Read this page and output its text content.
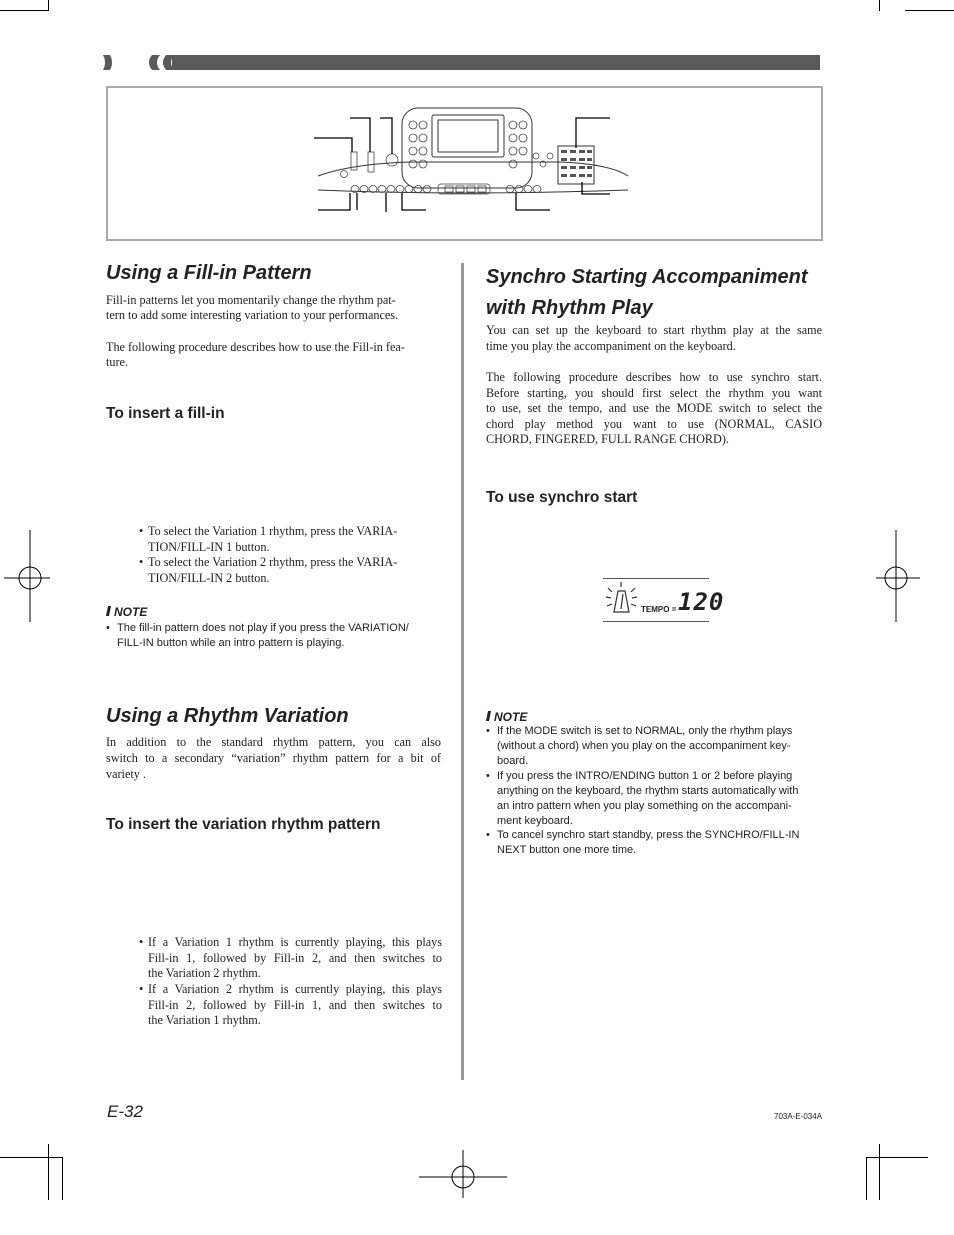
Using a Fill-in Pattern
Fill-in patterns let you momentarily change the rhythm pat-
tern to add some interesting variation to your performances.
The following procedure describes how to use the Fill-in fea-
ture.
To insert a fill-in
• To select the Variation 1 rhythm, press the VARIA-
TION/FILL-IN 1 button.
• To select the Variation 2 rhythm, press the VARIA-
TION/FILL-IN 2 button.
NOTE
• The fill-in pattern does not play if you press the VARIATION/
FILL-IN button while an intro pattern is playing.
Using a Rhythm Variation
In addition to the standard rhythm pattern, you can also
switch to a secondary “variation” rhythm pattern for a bit of
variety .
To insert the variation rhythm pattern
• If a Variation 1 rhythm is currently playing, this plays
Fill-in 1, followed by Fill-in 2, and then switches to
the Variation 2 rhythm.
• If a Variation 2 rhythm is currently playing, this plays
Fill-in 2, followed by Fill-in 1, and then switches to
the Variation 1 rhythm.
Synchro Starting Accompaniment
with Rhythm Play
You can set up the keyboard to start rhythm play at the same
time you play the accompaniment on the keyboard.
The following procedure describes how to use synchro start.
Before starting, you should first select the rhythm you want
to use, set the tempo, and use the MODE switch to select the
chord play method you want to use (NORMAL, CASIO
CHORD, FINGERED, FULL RANGE CHORD).
To use synchro start
TEMPO = 120
NOTE
• If the MODE switch is set to NORMAL, only the rhythm plays
(without a chord) when you play on the accompaniment key-
board.
• If you press the INTRO/ENDING button 1 or 2 before playing
anything on the keyboard, the rhythm starts automatically with
an intro pattern when you play something on the accompani-
ment keyboard.
• To cancel synchro start standby, press the SYNCHRO/FILL-IN
NEXT button one more time.
E-32	703A-E-034A
